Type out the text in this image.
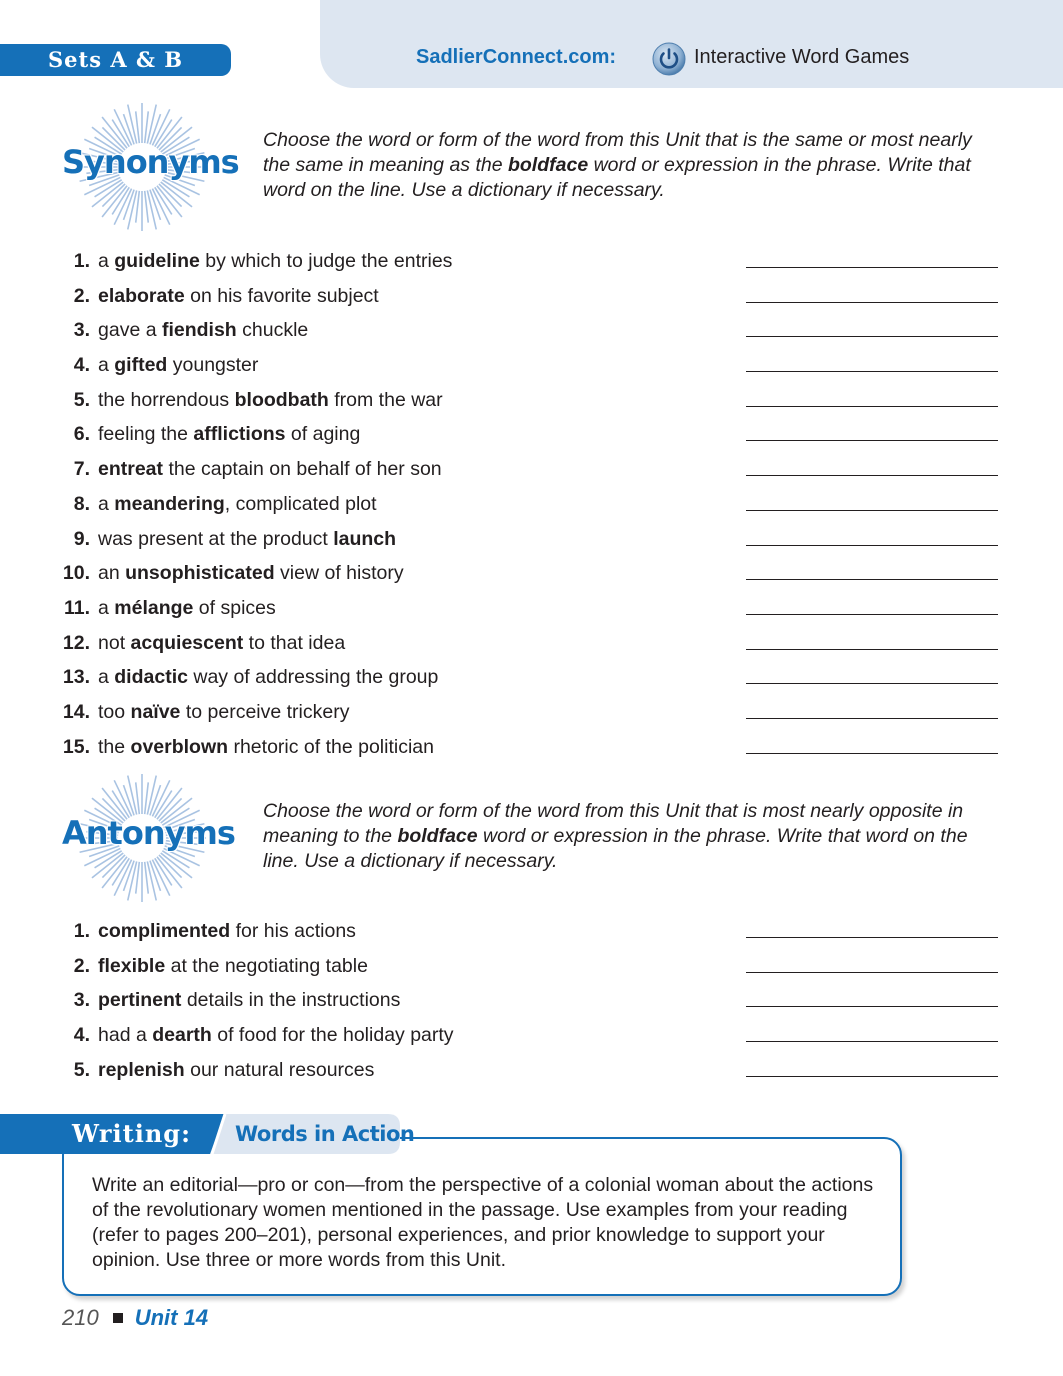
Sets A & B	SadlierConnect.com:	Interactive Word Games
Synonyms
Choose the word or form of the word from this Unit that is the same or most nearly the same in meaning as the boldface word or expression in the phrase. Write that word on the line. Use a dictionary if necessary.
1. a guideline by which to judge the entries
2. elaborate on his favorite subject
3. gave a fiendish chuckle
4. a gifted youngster
5. the horrendous bloodbath from the war
6. feeling the afflictions of aging
7. entreat the captain on behalf of her son
8. a meandering, complicated plot
9. was present at the product launch
10. an unsophisticated view of history
11. a mélange of spices
12. not acquiescent to that idea
13. a didactic way of addressing the group
14. too naïve to perceive trickery
15. the overblown rhetoric of the politician
Antonyms
Choose the word or form of the word from this Unit that is most nearly opposite in meaning to the boldface word or expression in the phrase. Write that word on the line. Use a dictionary if necessary.
1. complimented for his actions
2. flexible at the negotiating table
3. pertinent details in the instructions
4. had a dearth of food for the holiday party
5. replenish our natural resources
Writing: Words in Action
Write an editorial—pro or con—from the perspective of a colonial woman about the actions of the revolutionary women mentioned in the passage. Use examples from your reading (refer to pages 200–201), personal experiences, and prior knowledge to support your opinion. Use three or more words from this Unit.
210 Unit 14
